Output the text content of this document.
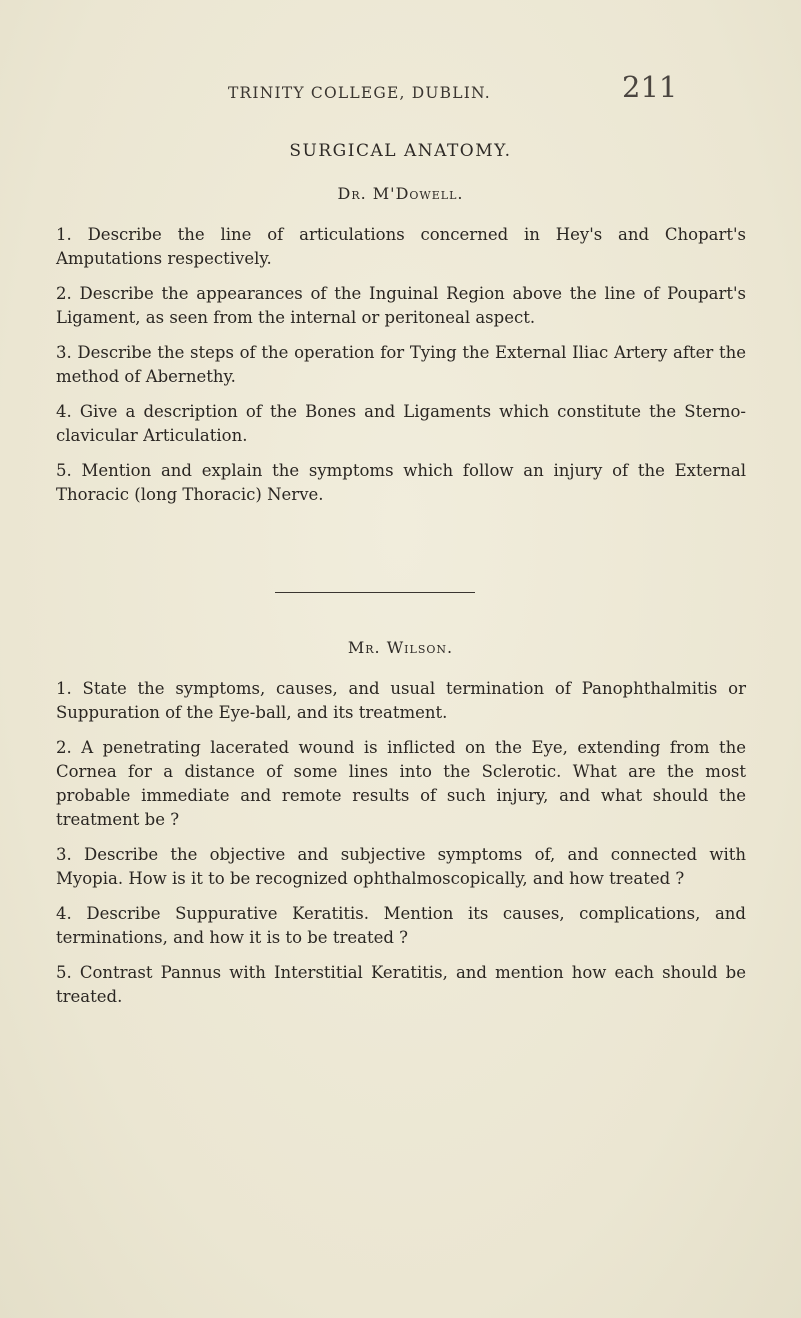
TRINITY COLLEGE, DUBLIN.	211
SURGICAL ANATOMY.
Dr. M'Dowell.
1. Describe the line of articulations concerned in Hey's and Chopart's Amputations respectively.
2. Describe the appearances of the Inguinal Region above the line of Poupart's Ligament, as seen from the internal or peritoneal aspect.
3. Describe the steps of the operation for Tying the External Iliac Artery after the method of Abernethy.
4. Give a description of the Bones and Ligaments which constitute the Sterno-clavicular Articulation.
5. Mention and explain the symptoms which follow an injury of the External Thoracic (long Thoracic) Nerve.
Mr. Wilson.
1. State the symptoms, causes, and usual termination of Panophthalmitis or Suppuration of the Eye-ball, and its treatment.
2. A penetrating lacerated wound is inflicted on the Eye, extending from the Cornea for a distance of some lines into the Sclerotic. What are the most probable immediate and remote results of such injury, and what should the treatment be ?
3. Describe the objective and subjective symptoms of, and connected with Myopia. How is it to be recognized ophthalmoscopically, and how treated ?
4. Describe Suppurative Keratitis. Mention its causes, complications, and terminations, and how it is to be treated ?
5. Contrast Pannus with Interstitial Keratitis, and mention how each should be treated.
